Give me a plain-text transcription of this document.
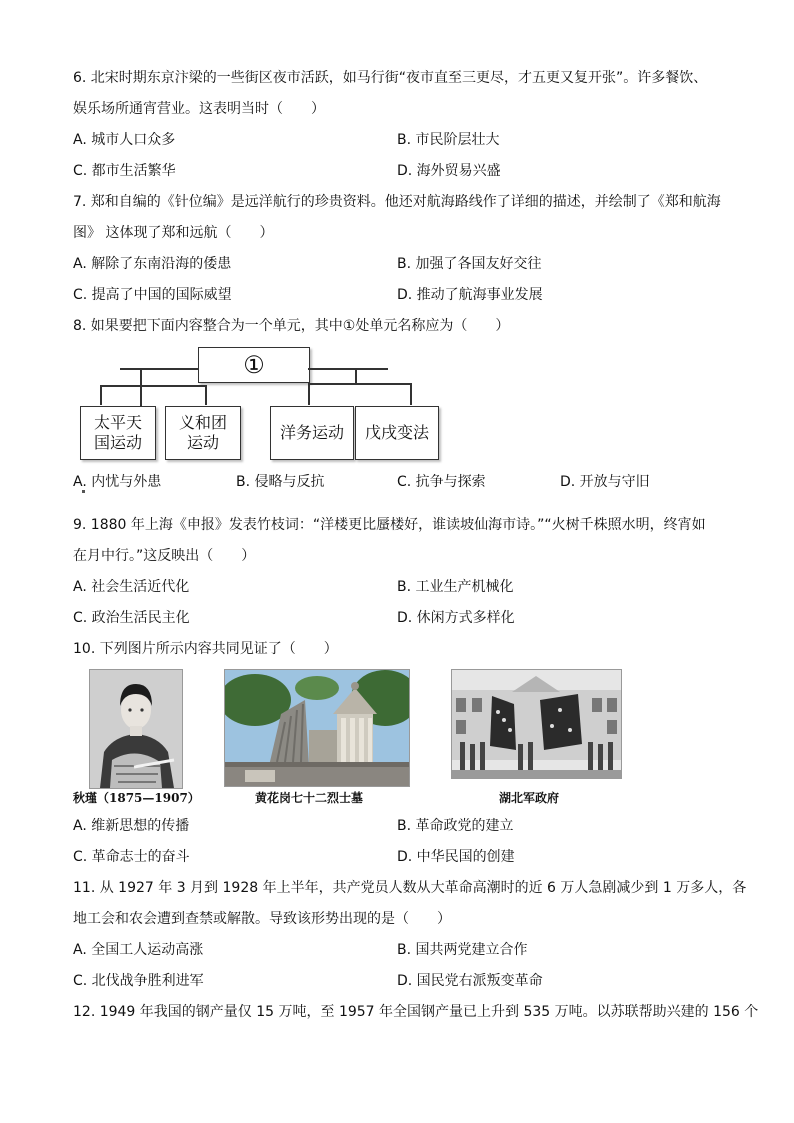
6. 北宋时期东京汴梁的一些街区夜市活跃，如马行街“夜市直至三更尽，才五更又复开张”。许多餐饮、
娱乐场所通宵营业。这表明当时（　　）
A. 城市人口众多	B. 市民阶层壮大
C. 都市生活繁华	D. 海外贸易兴盛
7. 郑和自编的《针位编》是远洋航行的珍贵资料。他还对航海路线作了详细的描述，并绘制了《郑和航海
图》 这体现了郑和远航（　　）
A. 解除了东南沿海的倭患	B. 加强了各国友好交往
C. 提高了中国的国际威望	D. 推动了航海事业发展
8. 如果要把下面内容整合为一个单元，其中①处单元名称应为（　　）
①
太平天
国运动
义和团
运动
洋务运动	戊戌变法
A. 内忧与外患	B. 侵略与反抗	C. 抗争与探索	D. 开放与守旧
9. 1880 年上海《申报》发表竹枝词：“洋楼更比蜃楼好，谁读坡仙海市诗。”“火树千株照水明，终宵如
在月中行。”这反映出（　　）
A. 社会生活近代化	B. 工业生产机械化
C. 政治生活民主化	D. 休闲方式多样化
10. 下列图片所示内容共同见证了（　　）
秋瑾（1875—1907）	黄花岗七十二烈士墓	湖北军政府
A. 维新思想的传播	B. 革命政党的建立
C. 革命志士的奋斗	D. 中华民国的创建
11. 从 1927 年 3 月到 1928 年上半年，共产党员人数从大革命高潮时的近 6 万人急剧减少到 1 万多人，各
地工会和农会遭到查禁或解散。导致该形势出现的是（　　）
A. 全国工人运动高涨	B. 国共两党建立合作
C. 北伐战争胜利进军	D. 国民党右派叛变革命
12. 1949 年我国的钢产量仅 15 万吨，至 1957 年全国钢产量已上升到 535 万吨。以苏联帮助兴建的 156 个
